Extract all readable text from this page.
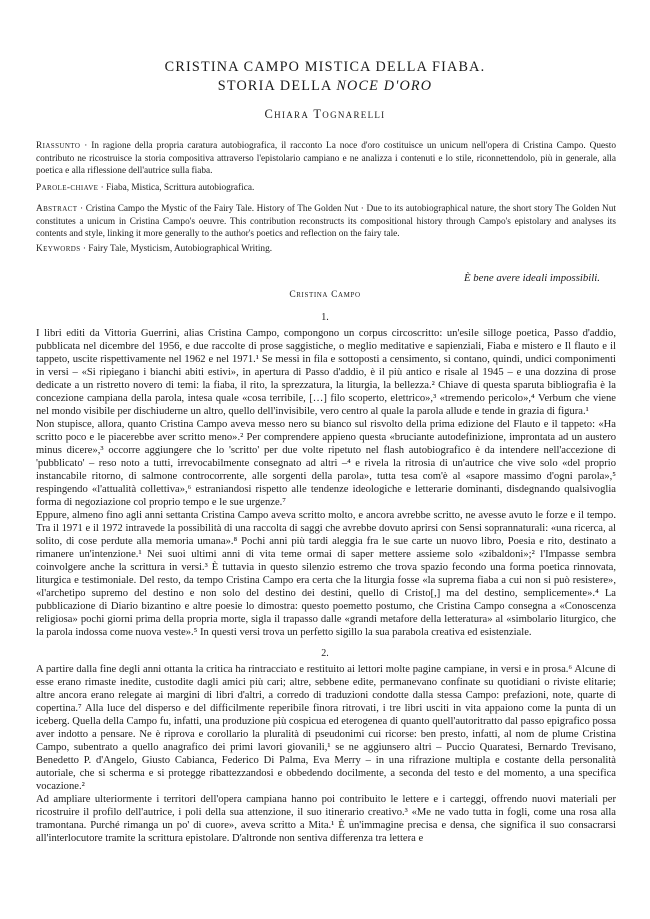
CRISTINA CAMPO MISTICA DELLA FIABA.
STORIA DELLA NOCE D'ORO
Chiara Tognarelli
Riassunto · In ragione della propria caratura autobiografica, il racconto La noce d'oro costituisce un unicum nell'opera di Cristina Campo. Questo contributo ne ricostruisce la storia compositiva attraverso l'epistolario campiano e ne analizza i contenuti e lo stile, riconnettendolo, più in generale, alla poetica e alla riflessione dell'autrice sulla fiaba.
Parole-chiave · Fiaba, Mistica, Scrittura autobiografica.
Abstract · Cristina Campo the Mystic of the Fairy Tale. History of The Golden Nut · Due to its autobiographical nature, the short story The Golden Nut constitutes a unicum in Cristina Campo's oeuvre. This contribution reconstructs its compositional history through Campo's epistolary and analyses its contents and style, linking it more generally to the author's poetics and reflection on the fairy tale.
Keywords · Fairy Tale, Mysticism, Autobiographical Writing.
È bene avere ideali impossibili.
Cristina Campo
1.

I libri editi da Vittoria Guerrini, alias Cristina Campo, compongono un corpus circoscritto: un'esile silloge poetica, Passo d'addio, pubblicata nel dicembre del 1956, e due raccolte di prose saggistiche, o meglio meditative e sapienziali, Fiaba e mistero e Il flauto e il tappeto, uscite rispettivamente nel 1962 e nel 1971.¹ Se messi in fila e sottoposti a censimento, si contano, quindi, undici componimenti in versi – «Si ripiegano i bianchi abiti estivi», in apertura di Passo d'addio, è il più antico e risale al 1945 – e una dozzina di prose dedicate a un ristretto novero di temi: la fiaba, il rito, la sprezzatura, la liturgia, la bellezza.² Chiave di questa sparuta bibliografia è la concezione campiana della parola, intesa quale «cosa terribile, […] filo scoperto, elettrico»,³ «tremendo pericolo»,⁴ Verbum che viene nel mondo visibile per dischiuderne un altro, quello dell'invisibile, vero centro al quale la parola allude e tende in grazia di figura.¹

Non stupisce, allora, quanto Cristina Campo aveva messo nero su bianco sul risvolto della prima edizione del Flauto e il tappeto: «Ha scritto poco e le piacerebbe aver scritto meno».² Per comprendere appieno questa «bruciante autodefinizione, improntata ad un austero minus dicere»,³ occorre aggiungere che lo 'scritto' per due volte ripetuto nel flash autobiografico è da intendere nell'accezione di 'pubblicato' – reso noto a tutti, irrevocabilmente consegnato ad altri –⁴ e rivela la ritrosia di un'autrice che vive solo «del proprio instancabile ritorno, di salmone controcorrente, alle sorgenti della parola», tutta tesa com'è al «sapore massimo d'ogni parola»,⁵ respingendo «l'attualità collettiva»,⁶ estraniandosi rispetto alle tendenze ideologiche e letterarie dominanti, disdegnando qualsivoglia forma di negoziazione col proprio tempo e le sue urgenze.⁷

Eppure, almeno fino agli anni settanta Cristina Campo aveva scritto molto, e ancora avrebbe scritto, ne avesse avuto le forze e il tempo. Tra il 1971 e il 1972 intravede la possibilità di una raccolta di saggi che avrebbe dovuto aprirsi con Sensi soprannaturali: «una ricerca, al solito, di cose perdute alla memoria umana».⁸ Pochi anni più tardi aleggia fra le sue carte un nuovo libro, Poesia e rito, destinato a rimanere un'intenzione.¹ Nei suoi ultimi anni di vita teme ormai di saper mettere assieme solo «zibaldoni»;² l'Impasse sembra coinvolgere anche la scrittura in versi.³ È tuttavia in questo silenzio estremo che trova spazio fecondo una forma poetica rinnovata, liturgica e testimoniale. Del resto, da tempo Cristina Campo era certa che la liturgia fosse «la suprema fiaba a cui non si può resistere», «l'archetipo supremo del destino e non solo del destino dei destini, quello di Cristo[,] ma del destino, semplicemente».⁴ La pubblicazione di Diario bizantino e altre poesie lo dimostra: questo poemetto postumo, che Cristina Campo consegna a «Conoscenza religiosa» pochi giorni prima della propria morte, sigla il trapasso dalle «grandi metafore della letteratura» al «simbolario liturgico, che la parola indossa come nuova veste».⁵ In questi versi trova un perfetto sigillo la sua parabola creativa ed esistenziale.

2.

A partire dalla fine degli anni ottanta la critica ha rintracciato e restituito ai lettori molte pagine campiane, in versi e in prosa.⁶ Alcune di esse erano rimaste inedite, custodite dagli amici più cari; altre, sebbene edite, permanevano confinate su quotidiani o riviste elitarie; altre ancora erano relegate ai margini di libri d'altri, a corredo di traduzioni condotte dalla stessa Campo: prefazioni, note, quarte di copertina.⁷ Alla luce del disperso e del difficilmente reperibile finora ritrovati, i tre libri usciti in vita appaiono come la punta di un iceberg. Quella della Campo fu, infatti, una produzione più cospicua ed eterogenea di quanto quell'autoritratto dal passo epigrafico possa aver indotto a pensare. Ne è riprova e corollario la pluralità di pseudonimi cui ricorse: ben presto, infatti, al nom de plume Cristina Campo, subentrato a quello anagrafico dei primi lavori giovanili,¹ se ne aggiunsero altri – Puccio Quaratesi, Bernardo Trevisano, Benedetto P. d'Angelo, Giusto Cabianca, Federico Di Palma, Eva Merry – in una rifrazione multipla e costante della personalità autoriale, che si scherma e si protegge ribattezzandosi e obbedendo docilmente, a seconda del testo e del momento, a una specifica vocazione.²

Ad ampliare ulteriormente i territori dell'opera campiana hanno poi contribuito le lettere e i carteggi, offrendo nuovi materiali per ricostruire il profilo dell'autrice, i poli della sua attenzione, il suo itinerario creativo.³ «Me ne vado tutta in fogli, come una rosa alla tramontana. Purché rimanga un po' di cuore», aveva scritto a Mita.¹ È un'immagine precisa e densa, che significa il suo consacrarsi all'interlocutore tramite la scrittura epistolare. D'altronde non sentiva differenza tra lettera e
